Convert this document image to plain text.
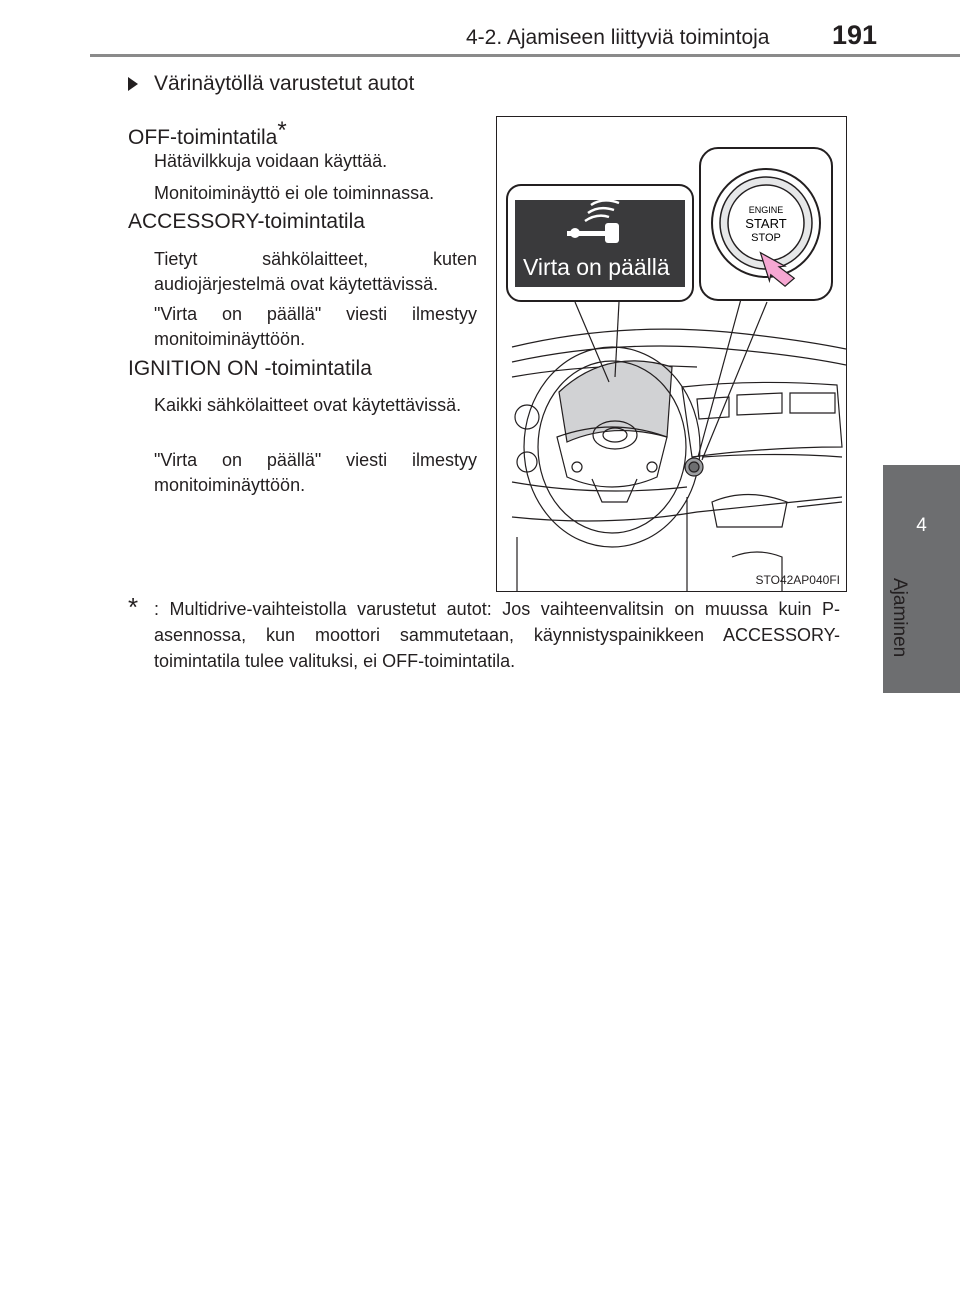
4-2. Ajamiseen liittyviä toimintoja 191
4
Ajaminen
Värinäytöllä varustetut autot
OFF-toimintatila*
Hätävilkkuja voidaan käyttää.
Monitoiminäyttö ei ole toiminnassa.
ACCESSORY-toimintatila
Tietyt sähkölaitteet, kuten audiojärjestelmä ovat käytettävissä.
"Virta on päällä" viesti ilmestyy monitoiminäyttöön.
IGNITION ON -toimintatila
Kaikki sähkölaitteet ovat käytettävissä.
"Virta on päällä" viesti ilmestyy monitoiminäyttöön.
Virta on päällä
ENGINE
START
STOP
STO42AP040FI
* : Multidrive-vaihteistolla varustetut autot: Jos vaihteenvalitsin on muussa kuin P-asennossa, kun moottori sammutetaan, käynnistyspainikkeen ACCESSORY-toimintatila tulee valituksi, ei OFF-toimintatila.
